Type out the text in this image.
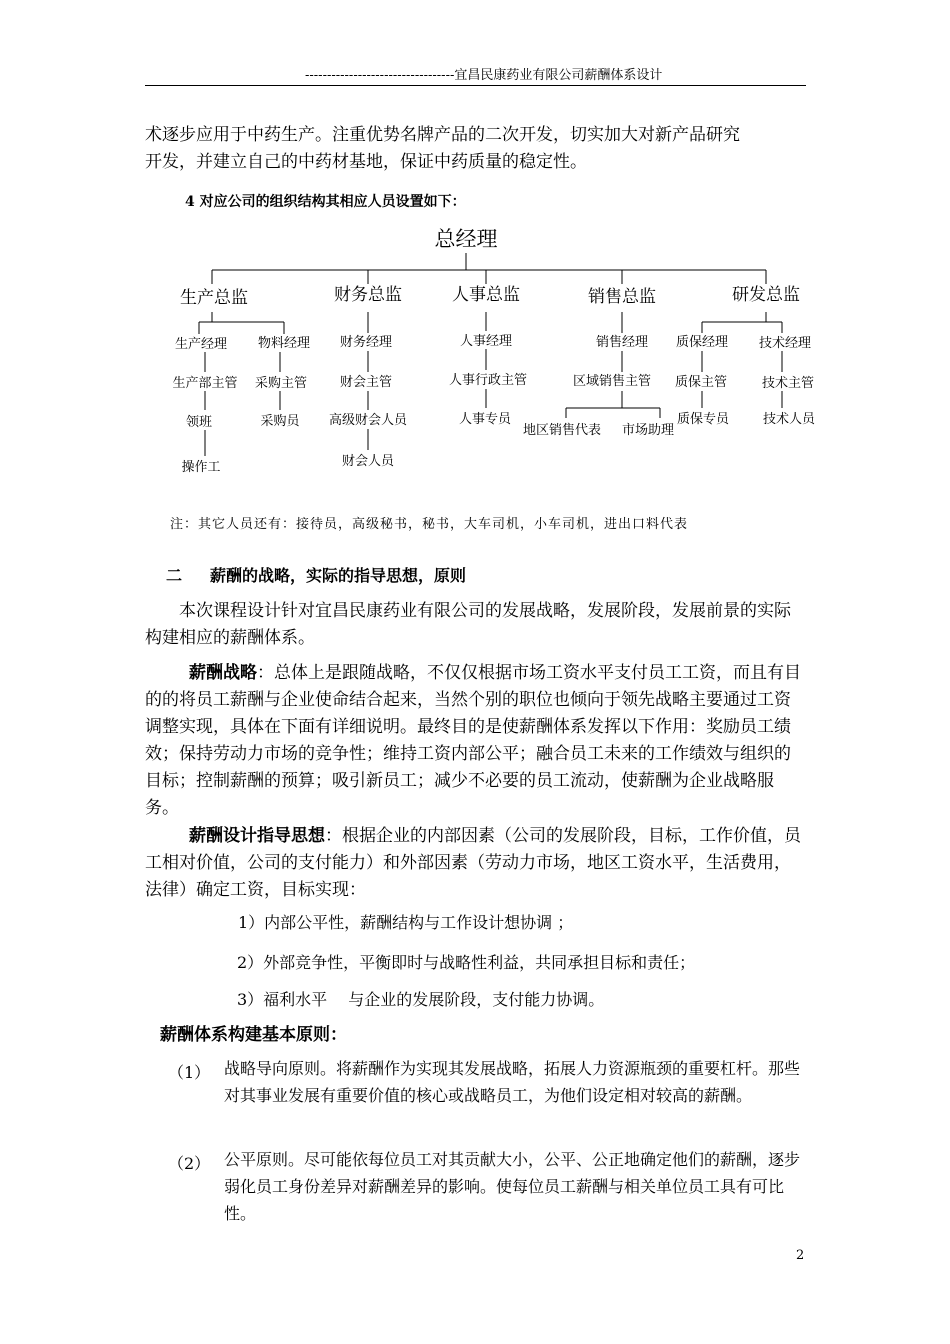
----------------------------------宜昌民康药业有限公司薪酬体系设计
术逐步应用于中药生产。注重优势名牌产品的二次开发，切实加大对新产品研究
开发，并建立自己的中药材基地，保证中药质量的稳定性。
4 对应公司的组织结构其相应人员设置如下：
总经理
生产总监	财务总监	人事总监	销售总监	研发总监
生产经理
生产部主管
领班
操作工
物料经理
采购主管
采购员
财务经理
财会主管
高级财会人员
财会人员
人事经理
人事行政主管
人事专员
销售经理
区域销售主管
地区销售代表 市场助理
质保经理
质保主管
质保专员
技术经理
技术主管
技术人员
注：其它人员还有：接待员，高级秘书，秘书，大车司机，小车司机，进出口料代表
二 薪酬的战略，实际的指导思想，原则
本次课程设计针对宜昌民康药业有限公司的发展战略，发展阶段，发展前景的实际构建相应的薪酬体系。
薪酬战略：总体上是跟随战略，不仅仅根据市场工资水平支付员工工资，而且有目的的将员工薪酬与企业使命结合起来，当然个别的职位也倾向于领先战略主要通过工资调整实现，具体在下面有详细说明。最终目的是使薪酬体系发挥以下作用：奖励员工绩效；保持劳动力市场的竞争性；维持工资内部公平；融合员工未来的工作绩效与组织的目标；控制薪酬的预算；吸引新员工；减少不必要的员工流动，使薪酬为企业战略服务。
薪酬设计指导思想：根据企业的内部因素（公司的发展阶段，目标，工作价值，员工相对价值，公司的支付能力）和外部因素（劳动力市场，地区工资水平，生活费用，法律）确定工资，目标实现：
1）内部公平性，薪酬结构与工作设计想协调 ；
2）外部竞争性，平衡即时与战略性利益，共同承担目标和责任；
3）福利水平　 与企业的发展阶段，支付能力协调。
薪酬体系构建基本原则：
（1） 战略导向原则。将薪酬作为实现其发展战略，拓展人力资源瓶颈的重要杠杆。那些对其事业发展有重要价值的核心或战略员工，为他们设定相对较高的薪酬。
（2） 公平原则。尽可能依每位员工对其贡献大小，公平、公正地确定他们的薪酬，逐步弱化员工身份差异对薪酬差异的影响。使每位员工薪酬与相关单位员工具有可比性。
2
